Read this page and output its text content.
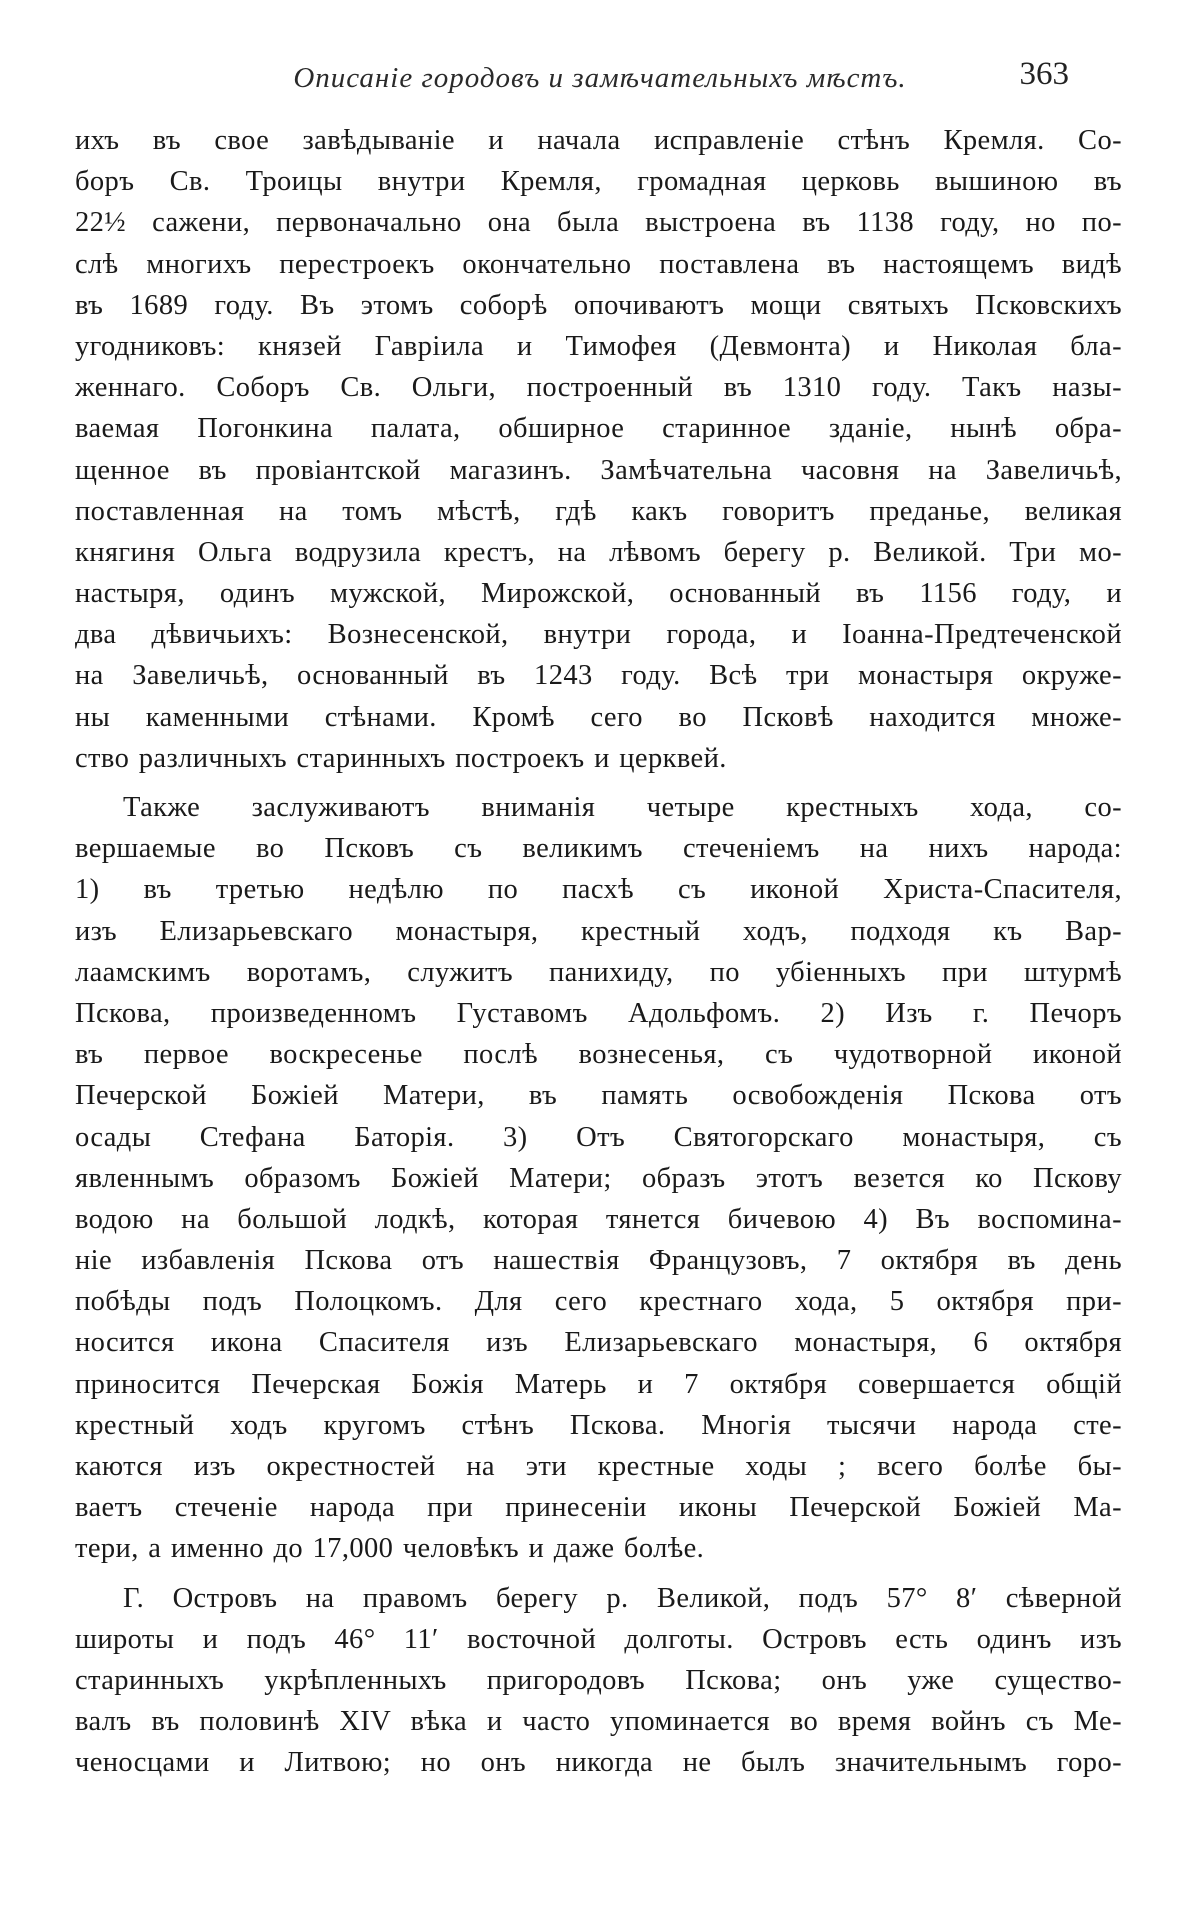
Описаніе городовъ и замѣчательныхъ мѣстъ.	363
ихъ въ свое завѣдываніе и начала исправленіе стѣнъ Кремля. Со-
боръ Св. Троицы внутри Кремля, громадная церковь вышиною въ
22½ сажени, первоначально она была выстроена въ 1138 году, но по-
слѣ многихъ перестроекъ окончательно поставлена въ настоящемъ видѣ
въ 1689 году. Въ этомъ соборѣ опочиваютъ мощи святыхъ Псковскихъ
угодниковъ: князей Гавріила и Тимофея (Девмонта) и Николая бла-
женнаго. Соборъ Св. Ольги, построенный въ 1310 году. Такъ назы-
ваемая Погонкина палата, обширное старинное зданіе, нынѣ обра-
щенное въ провіантской магазинъ. Замѣчательна часовня на Завеличьѣ,
поставленная на томъ мѣстѣ, гдѣ какъ говоритъ преданье, великая
княгиня Ольга водрузила крестъ, на лѣвомъ берегу р. Великой. Три мо-
настыря, одинъ мужской, Мирожской, основанный въ 1156 году, и
два дѣвичьихъ: Вознесенской, внутри города, и Іоанна-Предтеченской
на Завеличьѣ, основанный въ 1243 году. Всѣ три монастыря окруже-
ны каменными стѣнами. Кромѣ сего во Псковѣ находится множе-
ство различныхъ старинныхъ построекъ и церквей.
Также заслуживаютъ вниманія четыре крестныхъ хода, со-
вершаемые во Псковъ съ великимъ стеченіемъ на нихъ народа:
1) въ третью недѣлю по пасхѣ съ иконой Христа-Спасителя,
изъ Елизарьевскаго монастыря, крестный ходъ, подходя къ Вар-
лаамскимъ воротамъ, служитъ панихиду, по убіенныхъ при штурмѣ
Пскова, произведенномъ Густавомъ Адольфомъ. 2) Изъ г. Печоръ
въ первое воскресенье послѣ вознесенья, съ чудотворной иконой
Печерской Божіей Матери, въ память освобожденія Пскова отъ
осады Стефана Баторія. 3) Отъ Святогорскаго монастыря, съ
явленнымъ образомъ Божіей Матери; образъ этотъ везется ко Пскову
водою на большой лодкѣ, которая тянется бичевою 4) Въ воспомина-
ніе избавленія Пскова отъ нашествія Французовъ, 7 октября въ день
побѣды подъ Полоцкомъ. Для сего крестнаго хода, 5 октября при-
носится икона Спасителя изъ Елизарьевскаго монастыря, 6 октября
приносится Печерская Божія Матерь и 7 октября совершается общій
крестный ходъ кругомъ стѣнъ Пскова. Многія тысячи народа сте-
каются изъ окрестностей на эти крестные ходы ; всего болѣе бы-
ваетъ стеченіе народа при принесеніи иконы Печерской Божіей Ма-
тери, а именно до 17,000 человѣкъ и даже болѣе.
Г. Островъ на правомъ берегу р. Великой, подъ 57° 8′ сѣверной
широты и подъ 46° 11′ восточной долготы. Островъ есть одинъ изъ
старинныхъ укрѣпленныхъ пригородовъ Пскова; онъ уже существо-
валъ въ половинѣ XIV вѣка и часто упоминается во время войнъ съ Ме-
ченосцами и Литвою; но онъ никогда не былъ значительнымъ горо-
